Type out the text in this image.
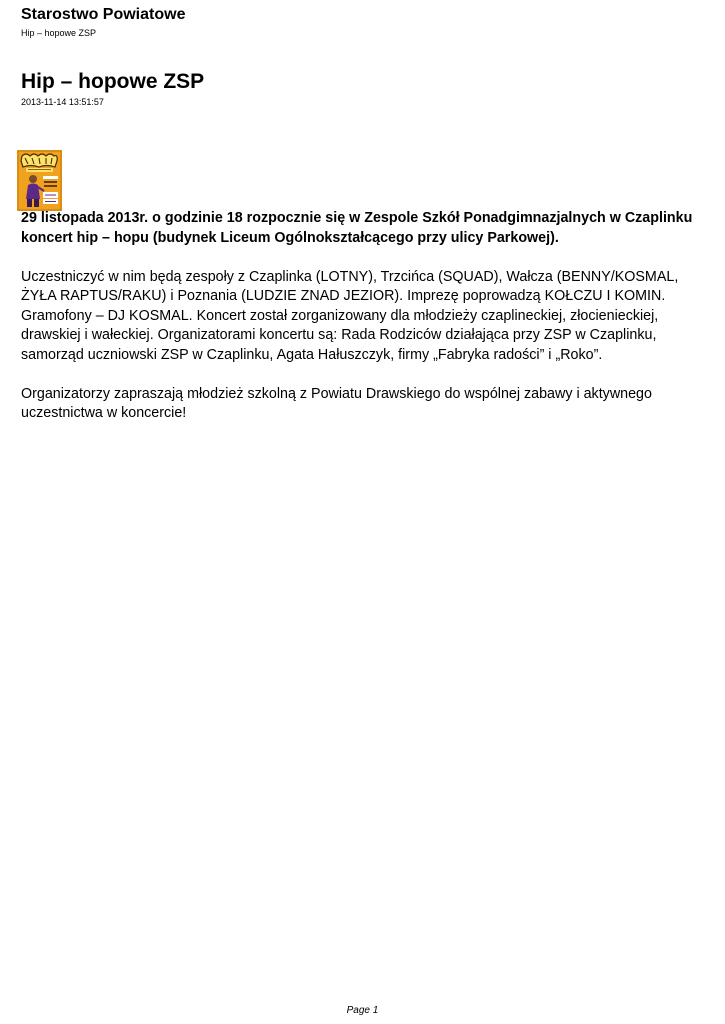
Starostwo Powiatowe
Hip – hopowe ZSP
Hip – hopowe ZSP
2013-11-14 13:51:57

29 listopada 2013r. o godzinie 18 rozpocznie się w Zespole Szkół Ponadgimnazjalnych w Czaplinku koncert hip – hopu (budynek Liceum Ogólnokształcącego przy ulicy Parkowej).

Uczestniczyć w nim będą zespoły z Czaplinka (LOTNY), Trzcińca (SQUAD), Wałcza (BENNY/KOSMAL, ŻYŁA RAPTUS/RAKU) i Poznania (LUDZIE ZNAD JEZIOR). Imprezę poprowadzą KOŁCZU I KOMIN. Gramofony – DJ KOSMAL. Koncert został zorganizowany dla młodzieży czaplineckiej, złocienieckiej, drawskiej i wałeckiej. Organizatorami koncertu są: Rada Rodziców działająca przy ZSP w Czaplinku, samorząd uczniowski ZSP w Czaplinku, Agata Hałuszczyk, firmy „Fabryka radości” i „Roko”.

Organizatorzy zapraszają młodzież szkolną z Powiatu Drawskiego do wspólnej zabawy i aktywnego uczestnictwa w koncercie!

Page 1
